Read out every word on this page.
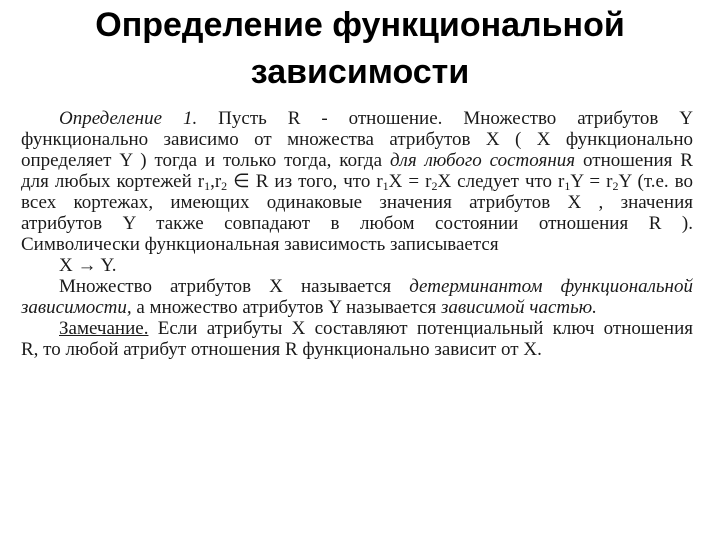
Определение функциональной
зависимости
Определение 1. Пусть R - отношение. Множество атрибутов Y
функционально зависимо от множества атрибутов X ( X функционально
определяет Y ) тогда и только тогда, когда для любого состояния отношения R
для любых кортежей $r_1,r_2$ ∈ R из того, что $r_1X = r_2X$ следует что $r_1Y = r_2Y$ (т.е. во
всех кортежах, имеющих одинаковые значения атрибутов X , значения
атрибутов Y также совпадают в любом состоянии отношения R ).
Символически функциональная зависимость записывается
X → Y.
Множество атрибутов X называется детерминантом функциональной
зависимости, а множество атрибутов Y называется зависимой частью.
Замечание. Если атрибуты X составляют потенциальный ключ отношения
R, то любой атрибут отношения R функционально зависит от X.
